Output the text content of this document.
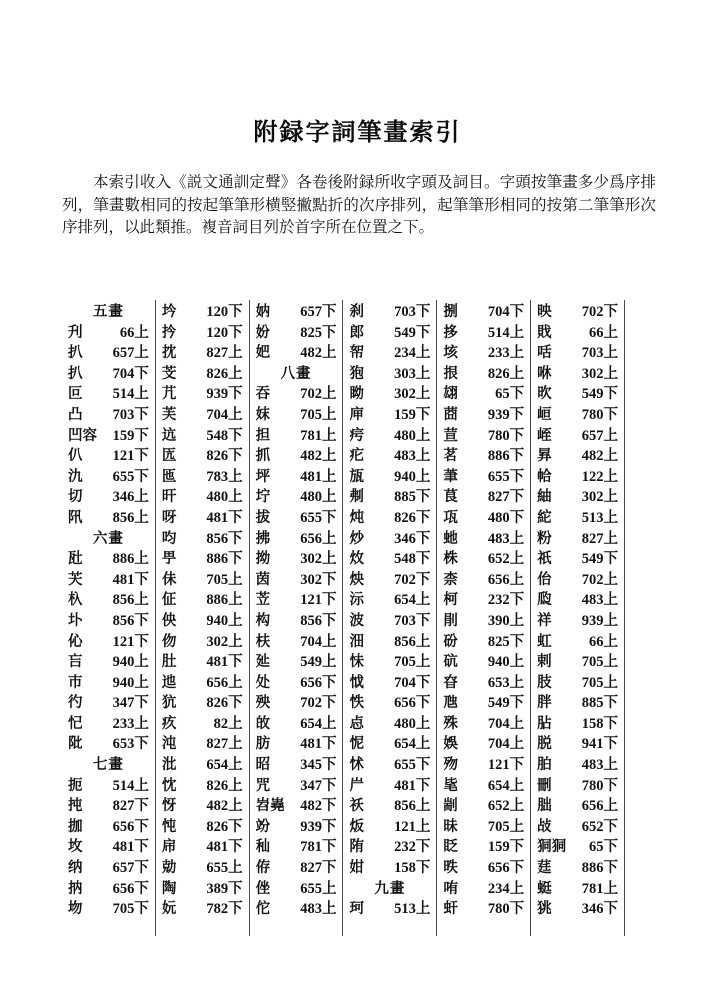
附録字詞筆畫索引
本索引收入《説文通訓定聲》各卷後附録所收字頭及詞目。字頭按筆畫多少爲序排列，筆畫數相同的按起筆筆形横竪撇點折的次序排列，起筆筆形相同的按第二筆筆形次序排列，以此類推。複音詞目列於首字所在位置之下。
五畫
刋	66上
扒 657上
扒 704下
叵 514上
凸 703下
凹容 159下
仈 121下
氿 655下
切 346上
阠 856上
六畫
瓧 886上
芖 481下
杁 856上
圤 856下
伈 121下
吂 940上
巿 940上
彴 347下
忋 233上
阰 653下
七畫
扼 514上
扽 827下
拁 656下
坆 481下
纳 657下
抐 656下
圽 705下
坅 120下
扲 120下
抌 827上
芠 826上
芁 939下
芙 704上
迒 548下
匟 826下
匜 783上
旰 480上
呀 481下
呁 856下
甼 886下
佅 705上
佂 886上
佒 940上
伆 302上
肚 481下
迆 656上
犺 826下
疚	82上
沌 827上
沘 654上
忱 826上
㤉 482上
忳 826下
帍 481下
勀 655上
陶 389下
妧 782下
妠 657下
妢 825下
妑 482上
八畫
吞 702上
妺 705上
担 781上
抓 482上
坪 481上
坾 480上
拔 655下
拂 656上
拗 302上
茵 302下
苙 121下
构 856下
枎 704上
㢟 549上
处 656下
殃 702下
敀 654上
肪 481下
昭 345下
咒 347下
岧嶤 482下
竕 939下
秈 781下
侟 827下
侳 655上
佗 483上
刹 703下
郎 549下
帤 234上
狍 303上
眑 302上
庘 159下
疞 480上
疕 483上
瓬 940上
刜 885下
炖 826下
炒 346下
炇 548下
炴 702下
沶 654上
波 703下
沺 856上
怽 705上
怴 704下
怢 656下
㤐 480上
怩 654上
怵 655下
屵 481下
祅 856上
炍 121上
陏 232下
姏 158下
九畫
珂 513上
捌 704下
拸 514上
垓 233上
拫 826上
翃	65下
莔 939下
荁 780下
茗 886下
茟 655下
茛 827下
瓨 480下
虵 483上
株 652上
柰 656上
柯 232下
剈 390上
砏 825下
砊 940上
昚 653上
虺 549下
殊 704上
娛 704上
歾 121下
毞 654上
剬 652上
昧 705上
眨 159下
昳 656下
哊 234上
虷 780下
映 702下
戝	66上
咶 703上
咻 302上
欥 549下
峘 780下
峌 657上
昪 482上
帢 122上
紬 302上
紽 513上
粉 827上
祇 549下
佁 702上
瓝 483上
祥 939上
虹	66上
剌 705上
肢 705上
胖 885下
胋 158下
脱 941下
胉 483上
刪 780下
朏 656上
敁 652下
狪狪 65下
莛 886下
蜓 781上
狣 346下
